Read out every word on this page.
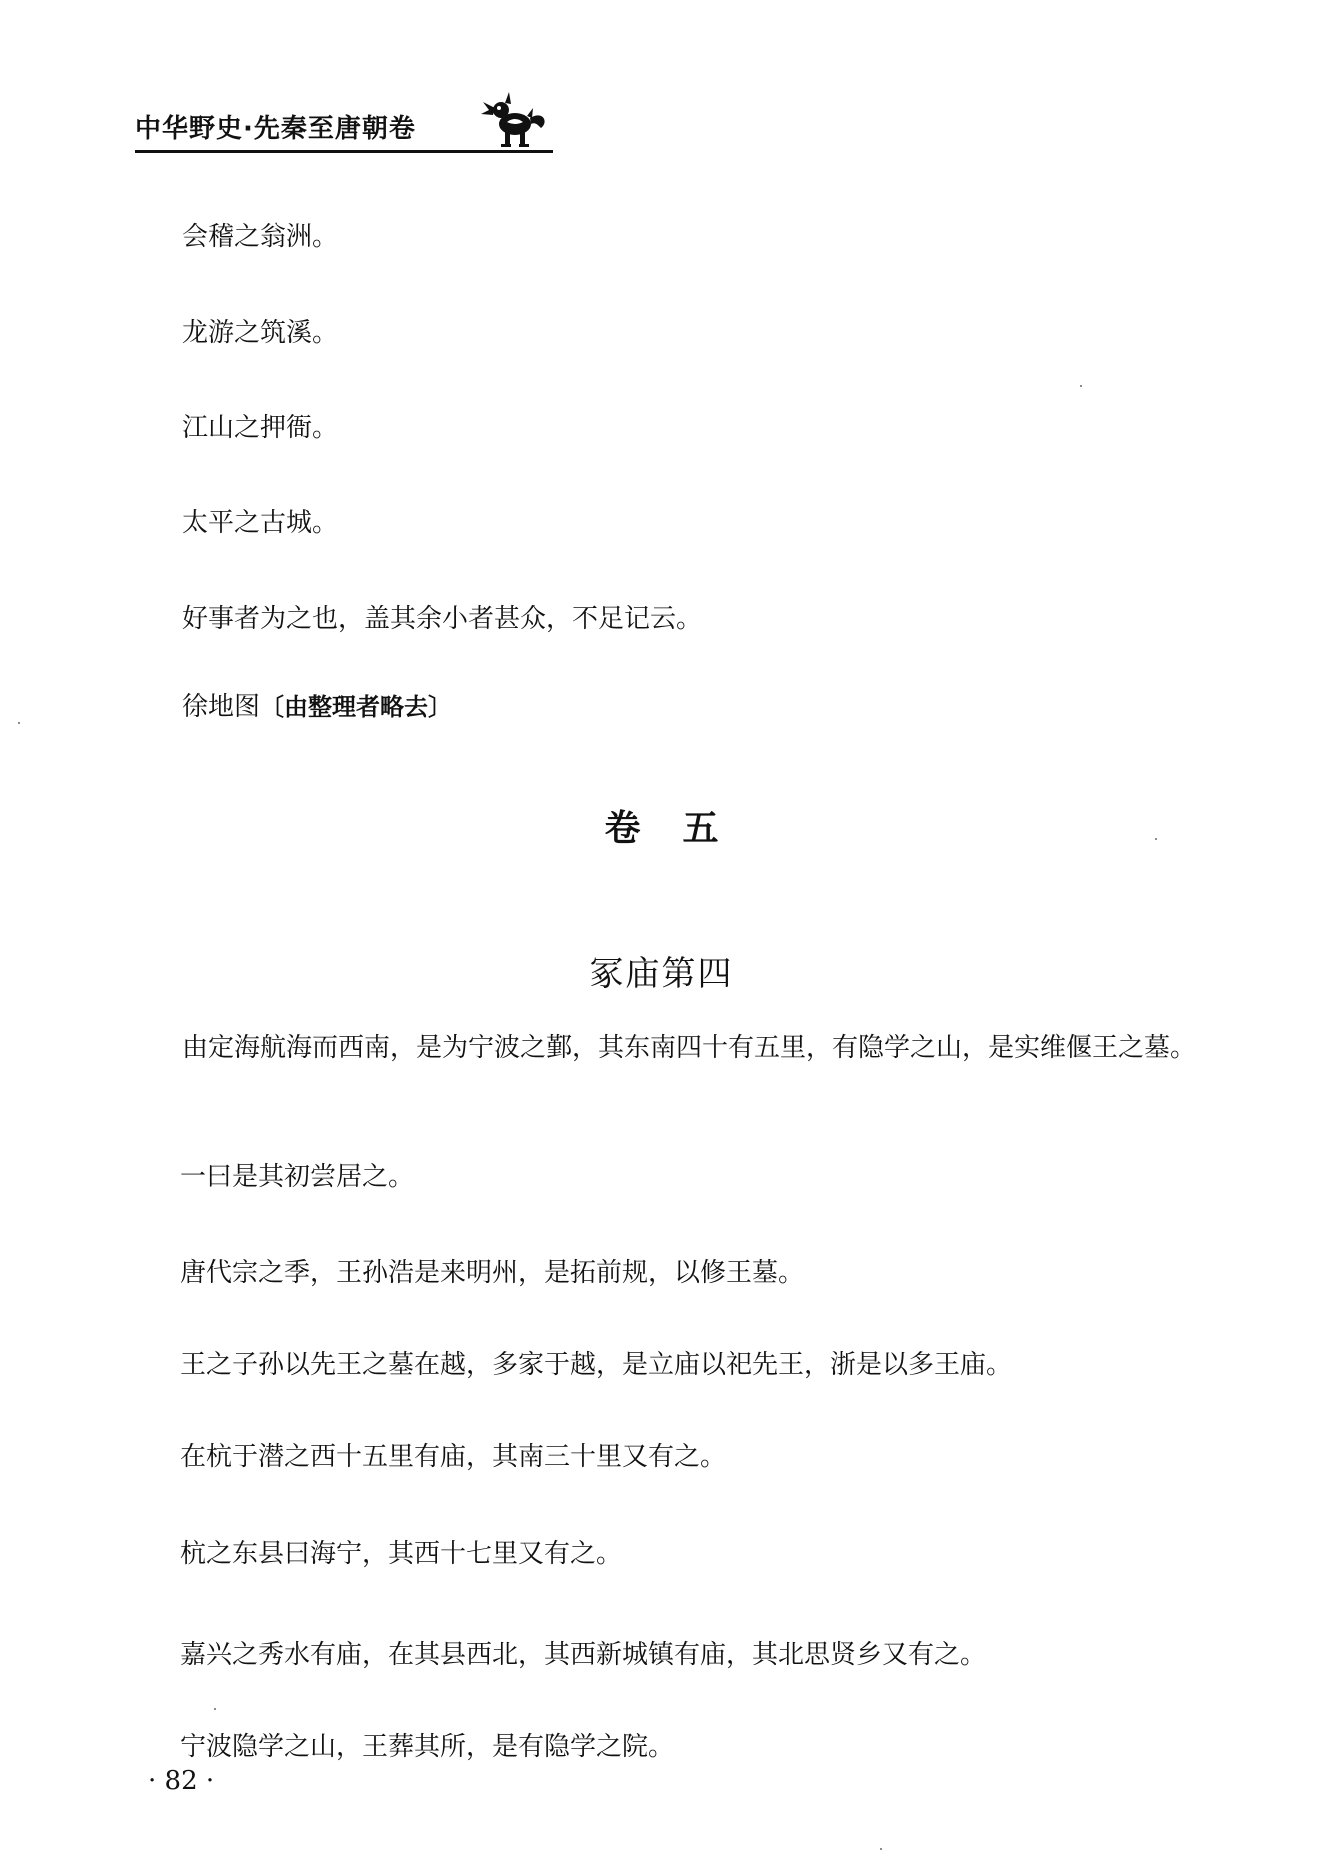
中华野史·先秦至唐朝卷
会稽之翁洲。
龙游之筑溪。
江山之押衙。
太平之古城。
好事者为之也，盖其余小者甚众，不足记云。
徐地图〔由整理者略去〕
卷五
冢庙第四
由定海航海而西南，是为宁波之鄞，其东南四十有五里，有隐学之山，是实维偃王之墓。
一曰是其初尝居之。
唐代宗之季，王孙浩是来明州，是拓前规，以修王墓。
王之子孙以先王之墓在越，多家于越，是立庙以祀先王，浙是以多王庙。
在杭于潜之西十五里有庙，其南三十里又有之。
杭之东县曰海宁，其西十七里又有之。
嘉兴之秀水有庙，在其县西北，其西新城镇有庙，其北思贤乡又有之。
宁波隐学之山，王葬其所，是有隐学之院。
· 82 ·
